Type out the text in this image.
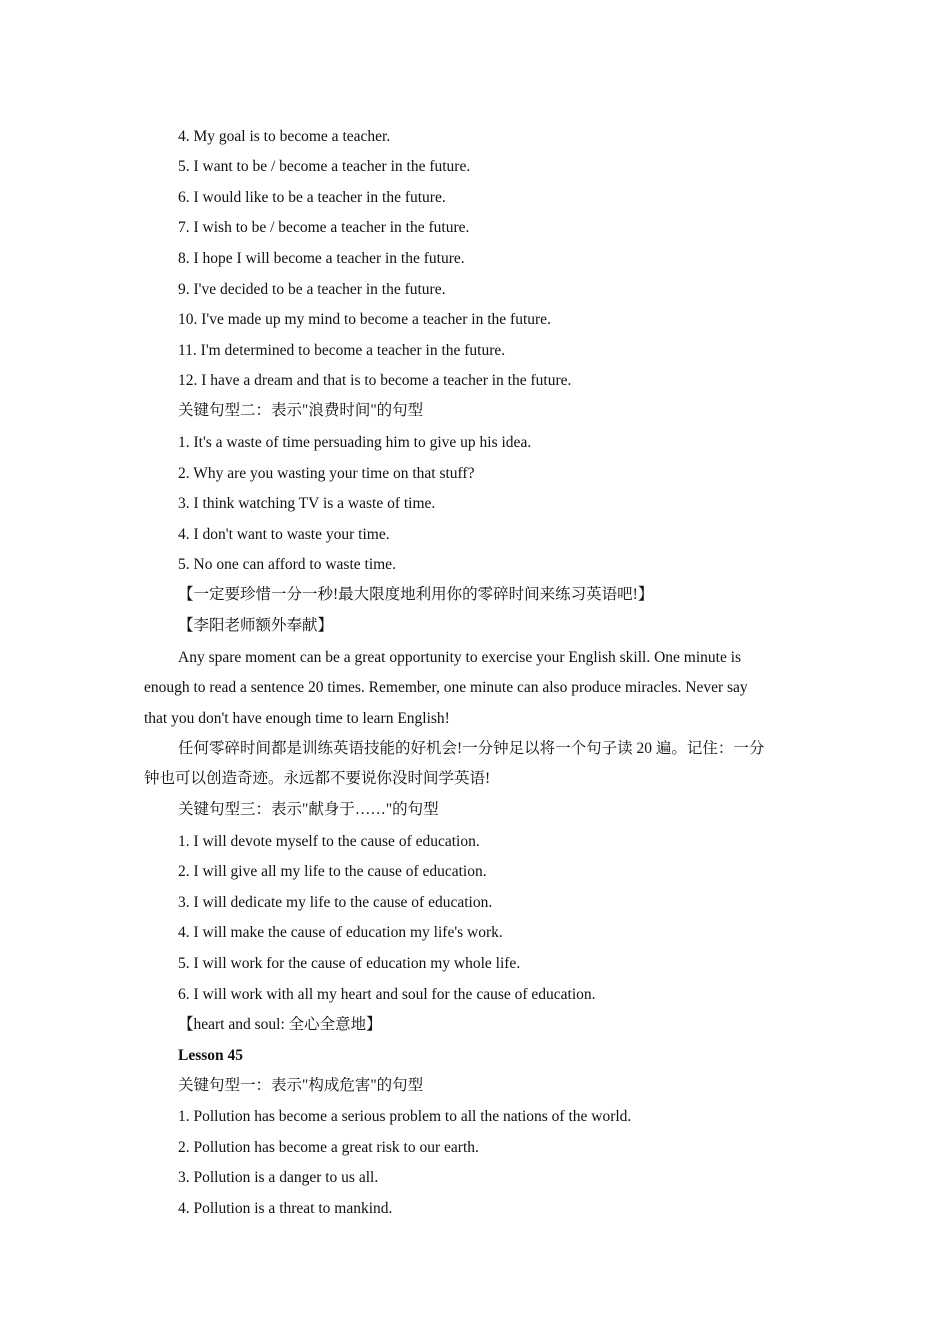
4. My goal is to become a teacher.
5. I want to be / become a teacher in the future.
6. I would like to be a teacher in the future.
7. I wish to be / become a teacher in the future.
8. I hope I will become a teacher in the future.
9. I've decided to be a teacher in the future.
10. I've made up my mind to become a teacher in the future.
11. I'm determined to become a teacher in the future.
12. I have a dream and that is to become a teacher in the future.
关键句型二：表示"浪费时间"的句型
1. It's a waste of time persuading him to give up his idea.
2. Why are you wasting your time on that stuff?
3. I think watching TV is a waste of time.
4. I don't want to waste your time.
5. No one can afford to waste time.
【一定要珍惜一分一秒!最大限度地利用你的零碎时间来练习英语吧!】
【李阳老师额外奉献】
Any spare moment can be a great opportunity to exercise your English skill. One minute is
enough to read a sentence 20 times. Remember, one minute can also produce miracles. Never say
that you don't have enough time to learn English!
任何零碎时间都是训练英语技能的好机会!一分钟足以将一个句子读 20 遍。记住：一分
钟也可以创造奇迹。永远都不要说你没时间学英语!
关键句型三：表示"献身于……"的句型
1. I will devote myself to the cause of education.
2. I will give all my life to the cause of education.
3. I will dedicate my life to the cause of education.
4. I will make the cause of education my life's work.
5. I will work for the cause of education my whole life.
6. I will work with all my heart and soul for the cause of education.
【heart and soul: 全心全意地】
Lesson 45
关键句型一：表示"构成危害"的句型
1. Pollution has become a serious problem to all the nations of the world.
2. Pollution has become a great risk to our earth.
3. Pollution is a danger to us all.
4. Pollution is a threat to mankind.
